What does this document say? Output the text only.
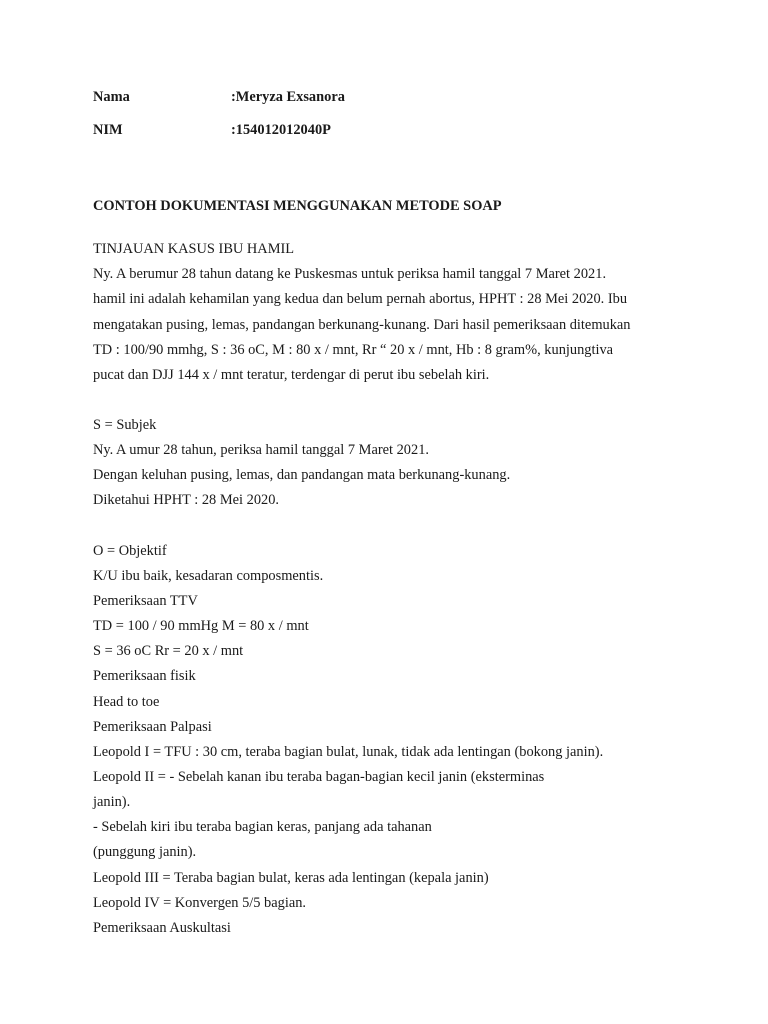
Nama	:Meryza Exsanora
NIM	:154012012040P
CONTOH DOKUMENTASI MENGGUNAKAN METODE SOAP
TINJAUAN KASUS IBU HAMIL
Ny. A berumur 28 tahun datang ke Puskesmas untuk periksa hamil tanggal 7 Maret 2021.
hamil ini adalah kehamilan yang kedua dan belum pernah abortus, HPHT : 28 Mei 2020. Ibu
mengatakan pusing, lemas, pandangan berkunang-kunang. Dari hasil pemeriksaan ditemukan
TD : 100/90 mmhg, S : 36 oC, M : 80 x / mnt, Rr “ 20 x / mnt, Hb : 8 gram%, kunjungtiva
pucat dan DJJ 144 x / mnt teratur, terdengar di perut ibu sebelah kiri.
S = Subjek
Ny. A umur 28 tahun, periksa hamil tanggal 7 Maret 2021.
Dengan keluhan pusing, lemas, dan pandangan mata berkunang-kunang.
Diketahui HPHT : 28 Mei 2020.
O = Objektif
K/U ibu baik, kesadaran composmentis.
Pemeriksaan TTV
TD = 100 / 90 mmHg M = 80 x / mnt
S = 36 oC Rr = 20 x / mnt
Pemeriksaan fisik
Head to toe
Pemeriksaan Palpasi
Leopold I = TFU : 30 cm, teraba bagian bulat, lunak, tidak ada lentingan (bokong janin).
Leopold II = - Sebelah kanan ibu teraba bagan-bagian kecil janin (eksterminas
janin).
- Sebelah kiri ibu teraba bagian keras, panjang ada tahanan
(punggung janin).
Leopold III = Teraba bagian bulat, keras ada lentingan (kepala janin)
Leopold IV = Konvergen 5/5 bagian.
Pemeriksaan Auskultasi
